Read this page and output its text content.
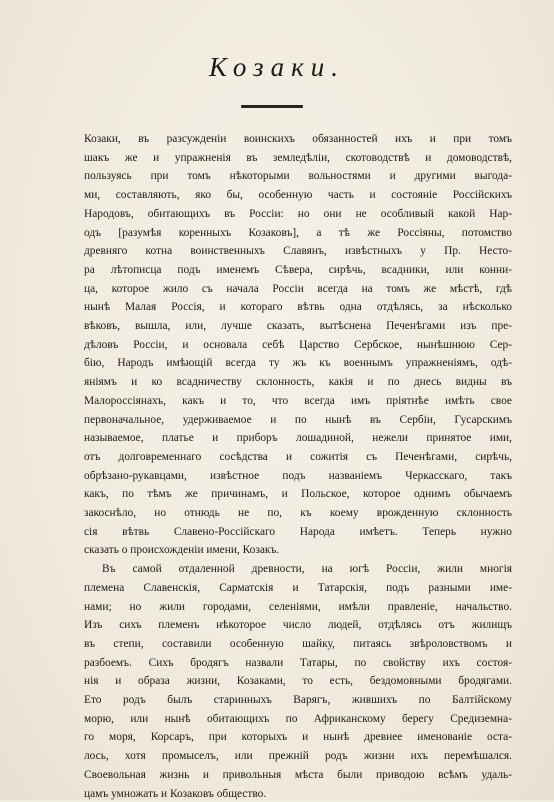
Козаки.
Козаки, въ разсужденіи воинскихъ обязанностей ихъ и при томъ
шакъ же и упражненія въ земледѣліи, скотоводствѣ и домоводствѣ,
пользуясь при томъ нѣкоторыми вольностями и другими выгода-
ми, составляють, яко бы, особенную часть и состояніе Россійскихъ
Народовъ, обитающихъ въ Россіи: но они не особливый какой Нар-
одъ [разумѣя коренныхъ Козаковъ], а тѣ же Россіяны, потомство
древняго котна воинственныхъ Славянъ, извѣстныхъ у Пр. Несто-
ра лѣтописца подъ именемъ Сѣвера, сирѣчь, всадники, или конни-
ца, которое жило съ начала Россіи всегда на томъ же мѣстѣ, гдѣ
нынѣ Малая Россія, и котораго вѣтвь одна отдѣлясь, за нѣсколько
вѣковъ, вышла, или, лучше сказать, вытѣснена Печенѣгами изъ пре-
дѣловъ Россіи, и основала себѣ Царство Сербское, нынѣшнюю Сер-
бію, Народъ имѣющій всегда ту жъ къ военнымъ упражненіямъ, одѣ-
яніямъ и ко всадничеству склонность, какія и по днесь видны въ
Малороссіянахъ, какъ и то, что всегда имъ пріятнѣе имѣть свое
первоначальное, удерживаемое и по нынѣ въ Сербіи, Гусарскимъ
называемое, платье и приборъ лошадиной, нежели принятое ими,
отъ долговременнаго сосѣдства и сожитія съ Печенѣгами, сирѣчь,
обрѣзано-рукавцами, извѣстное подъ названіемъ Черкасскаго, такъ
какъ, по тѣмъ же причинамъ, и Польское, которое однимъ обычаемъ
закоснѣло, но отнюдь не по, къ коему врожденную склонность
сія вѣтвь Славено-Россійскаго Народа имѣетъ. Теперь нужно
сказать о происхожденіи имени, Козакъ.
Въ самой отдаленной древности, на югѣ Россіи, жили многія
племена Славенскія, Сарматскія и Татарскія, подъ разными име-
нами; но жили городами, селеніями, имѣли правленіе, начальство.
Изъ сихъ племенъ нѣкоторое число людей, отдѣлясь отъ жилищъ
въ степи, составили особенную шайку, питаясь звѣроловствомъ и
разбоемъ. Сихъ бродягъ назвали Татары, по свойству ихъ состоя-
нія и образа жизни, Козаками, то есть, бездомовными бродягами.
Ето родъ былъ старинныхъ Варягъ, жившихъ по Балтійскому
морю, или нынѣ обитающихъ по Африканскому берегу Средиземна-
го моря, Корсаръ, при которыхъ и нынѣ древнее именованіе оста-
лось, хотя промыселъ, или прежній родъ жизни ихъ перемѣшался.
Своевольная жизнь и привольныя мѣста были приводою всѣмъ удаль-
цамъ умножать и Козаковъ общество.
